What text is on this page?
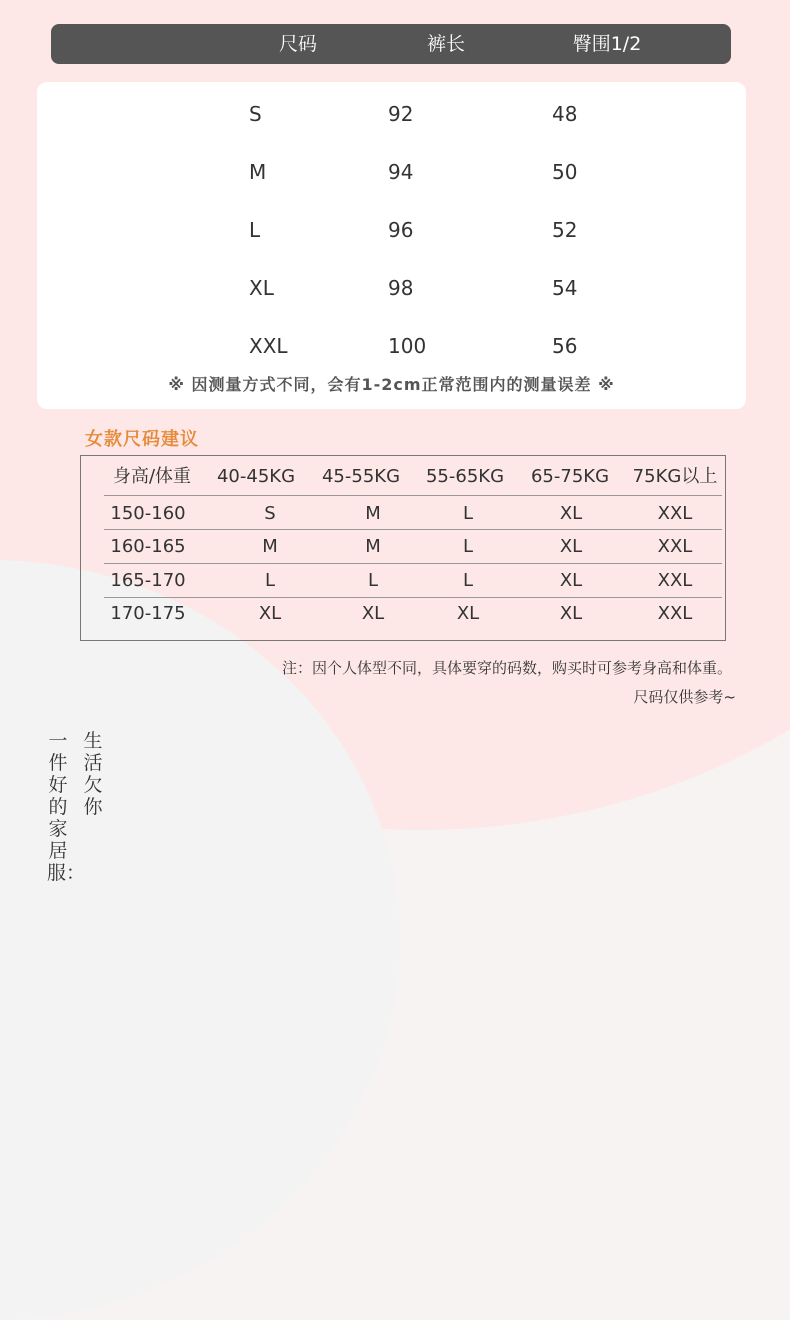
尺码	裤长	臀围1/2
S	92	48
M	94	50
L	96	52
XL	98	54
XXL	100	56
※ 因测量方式不同，会有1-2cm正常范围内的测量误差 ※
女款尺码建议
身高/体重 40-45KG 45-55KG 55-65KG 65-75KG 75KG以上
150-160	S	M	L	XL	XXL
160-165	M	M	L	XL	XXL
165-170	L	L	L	XL	XXL
170-175	XL	XL	XL	XL	XXL
注：因个人体型不同，具体要穿的码数，购买时可参考身高和体重。
尺码仅供参考~
生活欠你
一件好的家居服：
